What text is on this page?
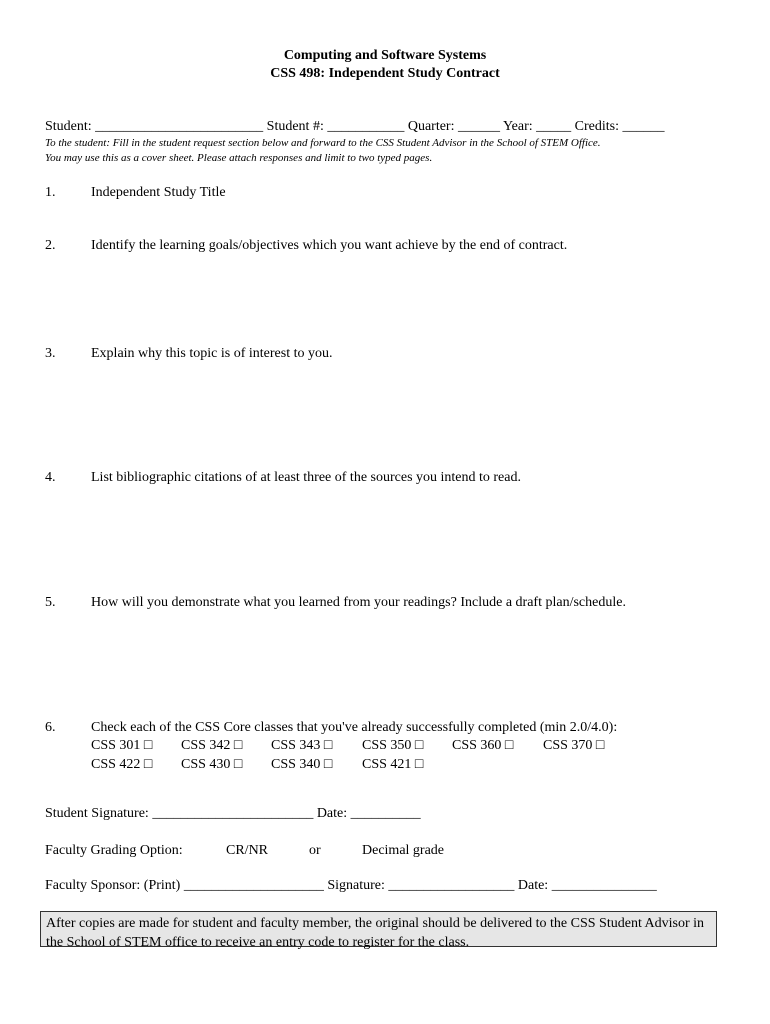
Computing and Software Systems
CSS 498: Independent Study Contract
Student: ________________________ Student #: ___________ Quarter: ______ Year: _____ Credits: ______
To the student: Fill in the student request section below and forward to the CSS Student Advisor in the School of STEM Office.
You may use this as a cover sheet. Please attach responses and limit to two typed pages.
1.	Independent Study Title
2.	Identify the learning goals/objectives which you want achieve by the end of contract.
3.	Explain why this topic is of interest to you.
4.	List bibliographic citations of at least three of the sources you intend to read.
5.	How will you demonstrate what you learned from your readings? Include a draft plan/schedule.
6.	Check each of the CSS Core classes that you've already successfully completed (min 2.0/4.0):
CSS 301 □ CSS 342 □ CSS 343 □ CSS 350 □ CSS 360 □ CSS 370 □
CSS 422 □ CSS 430 □ CSS 340 □ CSS 421 □
Student Signature: _______________________ Date: __________
Faculty Grading Option:	CR/NR	or	Decimal grade
Faculty Sponsor: (Print) ____________________ Signature: __________________ Date: _______________
After copies are made for student and faculty member, the original should be delivered to the CSS Student Advisor in the School of STEM office to receive an entry code to register for the class.
